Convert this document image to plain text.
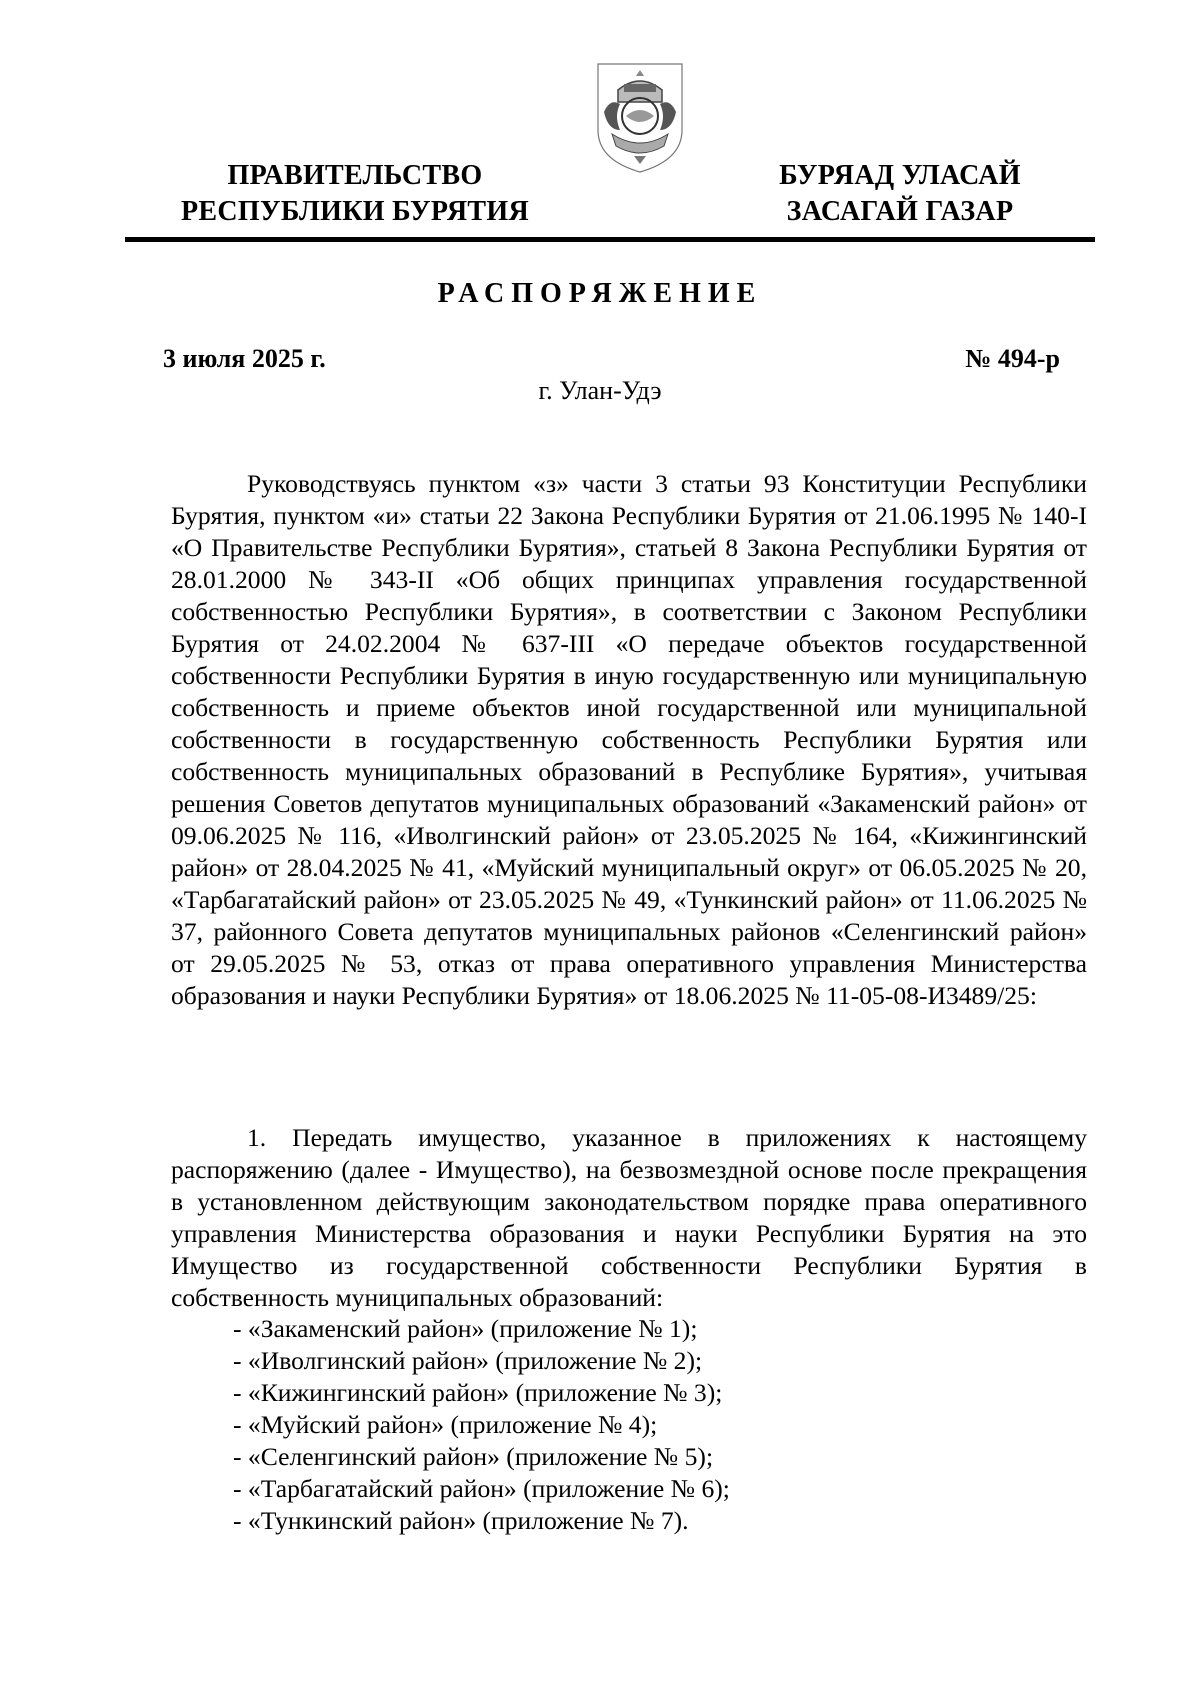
ПРАВИТЕЛЬСТВО
РЕСПУБЛИКИ БУРЯТИЯ
БУРЯАД УЛАСАЙ
ЗАСАГАЙ ГАЗАР
РАСПОРЯЖЕНИЕ
3 июля 2025 г.	№ 494-р
г. Улан-Удэ

Руководствуясь пунктом «з» части 3 статьи 93 Конституции Республики Бурятия, пунктом «и» статьи 22 Закона Республики Бурятия от 21.06.1995 № 140-I «О Правительстве Республики Бурятия», статьей 8 Закона Республики Бурятия от 28.01.2000 № 343-II «Об общих принципах управления государственной собственностью Республики Бурятия», в соответствии с Законом Республики Бурятия от 24.02.2004 № 637-III «О передаче объектов государственной собственности Республики Бурятия в иную государственную или муниципальную собственность и приеме объектов иной государственной или муниципальной собственности в государственную собственность Республики Бурятия или собственность муниципальных образований в Республике Бурятия», учитывая решения Советов депутатов муниципальных образований «Закаменский район» от 09.06.2025 № 116, «Иволгинский район» от 23.05.2025 № 164, «Кижингинский район» от 28.04.2025 № 41, «Муйский муниципальный округ» от 06.05.2025 № 20, «Тарбагатайский район» от 23.05.2025 № 49, «Тункинский район» от 11.06.2025 № 37, районного Совета депутатов муниципальных районов «Селенгинский район» от 29.05.2025 № 53, отказ от права оперативного управления Министерства образования и науки Республики Бурятия» от 18.06.2025 № 11-05-08-И3489/25:

1. Передать имущество, указанное в приложениях к настоящему распоряжению (далее - Имущество), на безвозмездной основе после прекращения в установленном действующим законодательством порядке права оперативного управления Министерства образования и науки Республики Бурятия на это Имущество из государственной собственности Республики Бурятия в собственность муниципальных образований:

- «Закаменский район» (приложение № 1);
- «Иволгинский район» (приложение № 2);
- «Кижингинский район» (приложение № 3);
- «Муйский район» (приложение № 4);
- «Селенгинский район» (приложение № 5);
- «Тарбагатайский район» (приложение № 6);
- «Тункинский район» (приложение № 7).
